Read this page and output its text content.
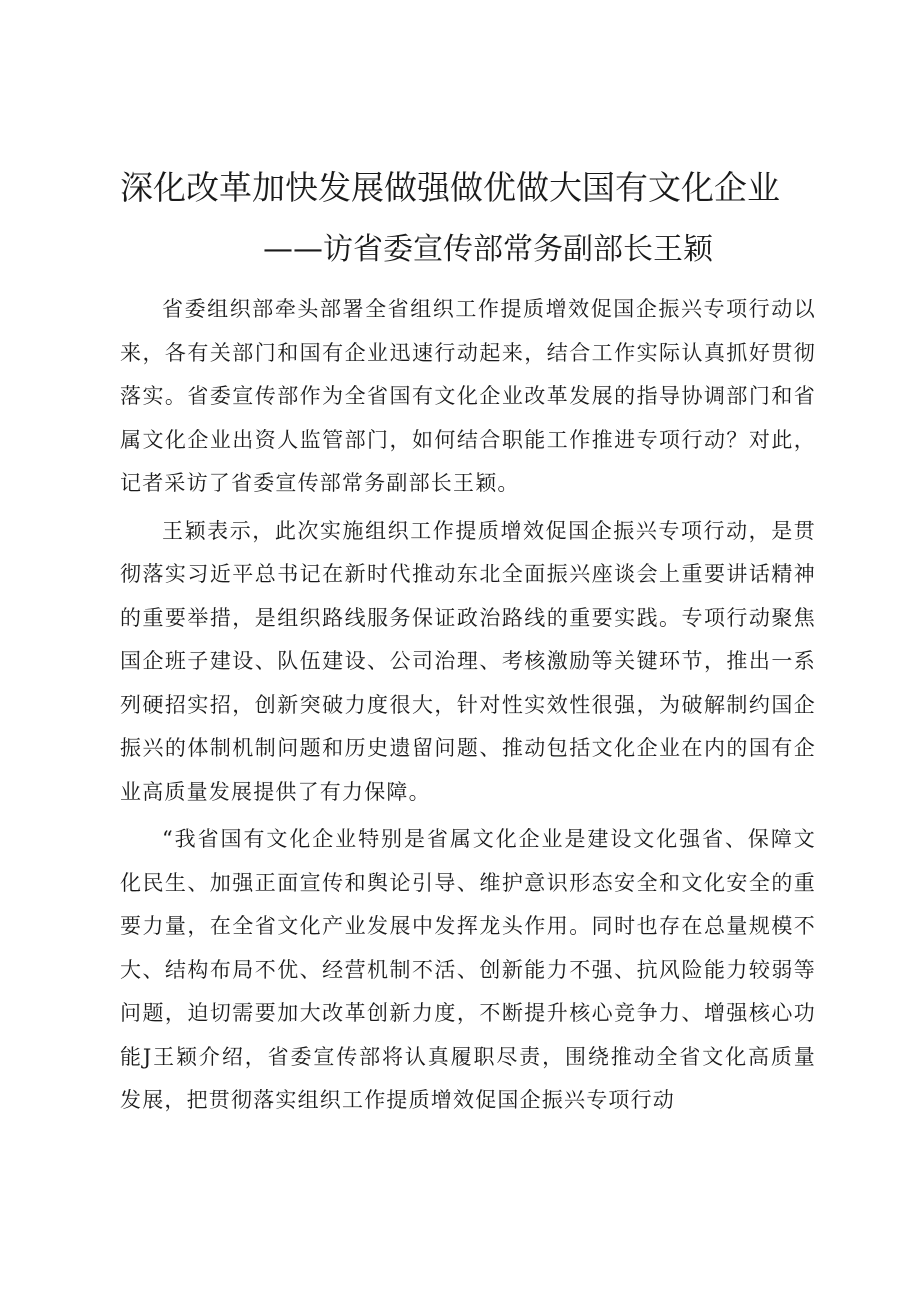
深化改革加快发展做强做优做大国有文化企业
——访省委宣传部常务副部长王颖

省委组织部牵头部署全省组织工作提质增效促国企振兴专项行动以来，各有关部门和国有企业迅速行动起来，结合工作实际认真抓好贯彻落实。省委宣传部作为全省国有文化企业改革发展的指导协调部门和省属文化企业出资人监管部门，如何结合职能工作推进专项行动？对此，记者采访了省委宣传部常务副部长王颖。

王颖表示，此次实施组织工作提质增效促国企振兴专项行动，是贯彻落实习近平总书记在新时代推动东北全面振兴座谈会上重要讲话精神的重要举措，是组织路线服务保证政治路线的重要实践。专项行动聚焦国企班子建设、队伍建设、公司治理、考核激励等关键环节，推出一系列硬招实招，创新突破力度很大，针对性实效性很强，为破解制约国企振兴的体制机制问题和历史遗留问题、推动包括文化企业在内的国有企业高质量发展提供了有力保障。

“我省国有文化企业特别是省属文化企业是建设文化强省、保障文化民生、加强正面宣传和舆论引导、维护意识形态安全和文化安全的重要力量，在全省文化产业发展中发挥龙头作用。同时也存在总量规模不大、结构布局不优、经营机制不活、创新能力不强、抗风险能力较弱等问题，迫切需要加大改革创新力度，不断提升核心竞争力、增强核心功能J王颖介绍，省委宣传部将认真履职尽责，围绕推动全省文化高质量发展，把贯彻落实组织工作提质增效促国企振兴专项行动
